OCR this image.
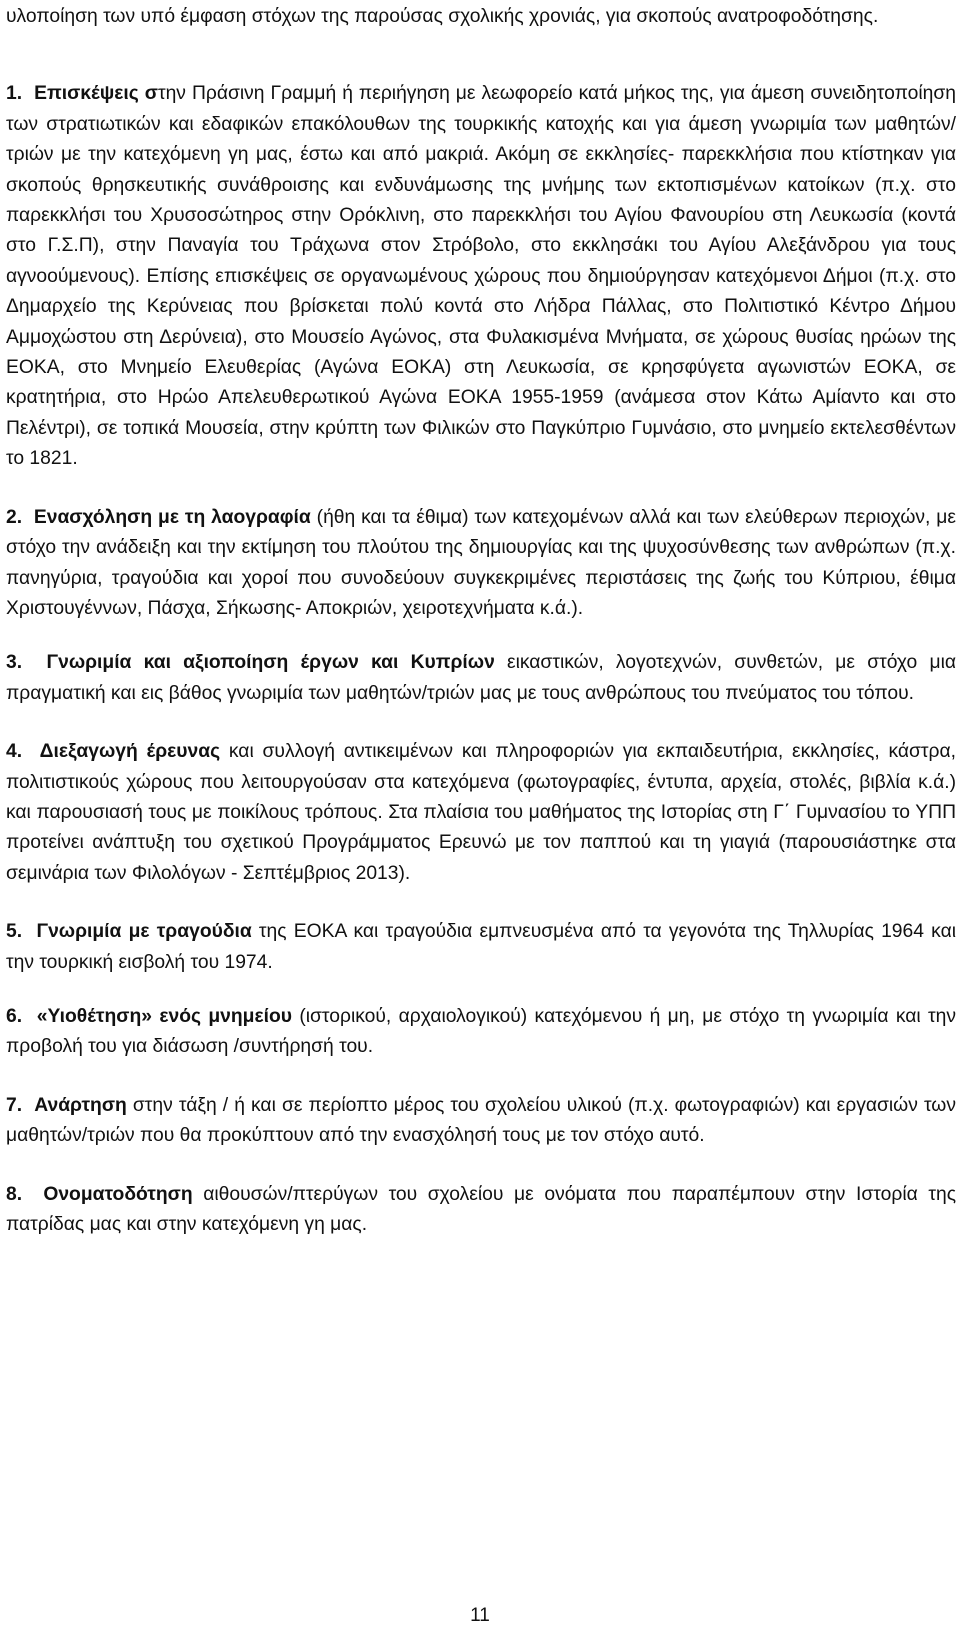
υλοποίηση των υπό έμφαση στόχων της παρούσας σχολικής χρονιάς, για σκοπούς ανατροφοδότησης.

1. Επισκέψεις στην Πράσινη Γραμμή ή περιήγηση με λεωφορείο κατά μήκος της, για άμεση συνειδητοποίηση των στρατιωτικών και εδαφικών επακόλουθων της τουρκικής κατοχής και για άμεση γνωριμία των μαθητών/τριών με την κατεχόμενη γη μας, έστω και από μακριά. Ακόμη σε εκκλησίες- παρεκκλήσια που κτίστηκαν για σκοπούς θρησκευτικής συνάθροισης και ενδυνάμωσης της μνήμης των εκτοπισμένων κατοίκων (π.χ. στο παρεκκλήσι του Χρυσοσώτηρος στην Ορόκλινη, στο παρεκκλήσι του Αγίου Φανουρίου στη Λευκωσία (κοντά στο Γ.Σ.Π), στην Παναγία του Τράχωνα στον Στρόβολο, στο εκκλησάκι του Αγίου Αλεξάνδρου για τους αγνοούμενους). Επίσης επισκέψεις σε οργανωμένους χώρους που δημιούργησαν κατεχόμενοι Δήμοι (π.χ. στο Δημαρχείο της Κερύνειας που βρίσκεται πολύ κοντά στο Λήδρα Πάλλας, στο Πολιτιστικό Κέντρο Δήμου Αμμοχώστου στη Δερύνεια), στο Μουσείο Αγώνος, στα Φυλακισμένα Μνήματα, σε χώρους θυσίας ηρώων της ΕΟΚΑ, στο Μνημείο Ελευθερίας (Αγώνα ΕΟΚΑ) στη Λευκωσία, σε κρησφύγετα αγωνιστών ΕΟΚΑ, σε κρατητήρια, στο Ηρώο Απελευθερωτικού Αγώνα ΕΟΚΑ 1955-1959 (ανάμεσα στον Κάτω Αμίαντο και στο Πελέντρι), σε τοπικά Μουσεία, στην κρύπτη των Φιλικών στο Παγκύπριο Γυμνάσιο, στο μνημείο εκτελεσθέντων το 1821.

2. Ενασχόληση με τη λαογραφία (ήθη και τα έθιμα) των κατεχομένων αλλά και των ελεύθερων περιοχών, με στόχο την ανάδειξη και την εκτίμηση του πλούτου της δημιουργίας και της ψυχοσύνθεσης των ανθρώπων (π.χ. πανηγύρια, τραγούδια και χοροί που συνοδεύουν συγκεκριμένες περιστάσεις της ζωής του Κύπριου, έθιμα Χριστουγέννων, Πάσχα, Σήκωσης- Αποκριών, χειροτεχνήματα κ.ά.).

3. Γνωριμία και αξιοποίηση έργων και Κυπρίων εικαστικών, λογοτεχνών, συνθετών, με στόχο μια πραγματική και εις βάθος γνωριμία των μαθητών/τριών μας με τους ανθρώπους του πνεύματος του τόπου.

4. Διεξαγωγή έρευνας και συλλογή αντικειμένων και πληροφοριών για εκπαιδευτήρια, εκκλησίες, κάστρα, πολιτιστικούς χώρους που λειτουργούσαν στα κατεχόμενα (φωτογραφίες, έντυπα, αρχεία, στολές, βιβλία κ.ά.) και παρουσιασή τους με ποικίλους τρόπους. Στα πλαίσια του μαθήματος της Ιστορίας στη Γ΄ Γυμνασίου το ΥΠΠ προτείνει ανάπτυξη του σχετικού Προγράμματος Ερευνώ με τον παππού και τη γιαγιά (παρουσιάστηκε στα σεμινάρια των Φιλολόγων - Σεπτέμβριος 2013).

5. Γνωριμία με τραγούδια της ΕΟΚΑ και τραγούδια εμπνευσμένα από τα γεγονότα της Τηλλυρίας 1964 και την τουρκική εισβολή του 1974.

6. «Υιοθέτηση» ενός μνημείου (ιστορικού, αρχαιολογικού) κατεχόμενου ή μη, με στόχο τη γνωριμία και την προβολή του για διάσωση /συντήρησή του.

7. Ανάρτηση στην τάξη / ή και σε περίοπτο μέρος του σχολείου υλικού (π.χ. φωτογραφιών) και εργασιών των μαθητών/τριών που θα προκύπτουν από την ενασχόλησή τους με τον στόχο αυτό.

8. Ονοματοδότηση αιθουσών/πτερύγων του σχολείου με ονόματα που παραπέμπουν στην Ιστορία της πατρίδας μας και στην κατεχόμενη γη μας.

11
